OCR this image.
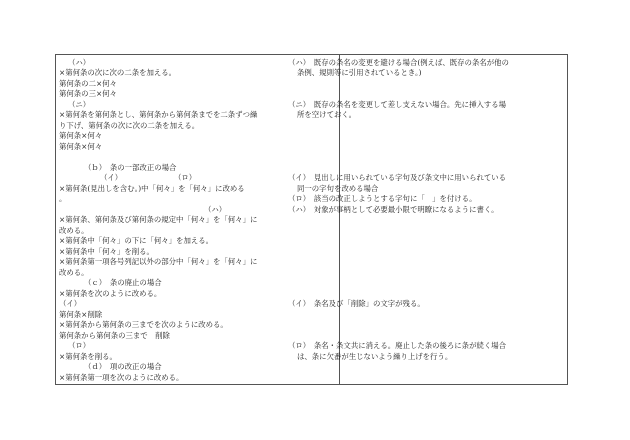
（ハ）
×第何条の次に次の二条を加える。
第何条の二×何々
第何条の三×何々
（ニ）
×第何条を第何条とし、第何条から第何条までを二条ずつ繰
り下げ、第何条の次に次の二条を加える。
第何条×何々
第何条×何々
（ｂ）　条の一部改正の場合
（イ）	（ロ）
×第何条(見出しを含む。)中「何々」を「何々」に改める
。
（ハ）
×第何条、第何条及び第何条の規定中「何々」を「何々」に
改める。
×第何条中「何々」の下に「何々」を加える。
×第何条中「何々」を削る。
×第何条第一項各号列記以外の部分中「何々」を「何々」に
改める。
（ｃ）　条の廃止の場合
×第何条を次のように改める。
（イ）
第何条×削除
×第何条から第何条の三までを次のように改める。
第何条から第何条の三まで　削除
（ロ）
×第何条を削る。
（ｄ）　項の改正の場合
×第何条第一項を次のように改める。
（ハ）　既存の条名の変更を避ける場合(例えば、既存の条名が他の
条例、規則等に引用されているとき。)
（ニ）　既存の条名を変更して差し支えない場合。先に挿入する場
所を空けておく。
（イ）　見出しに用いられている字句及び条文中に用いられている
同一の字句を改める場合
（ロ）　該当の改正しようとする字句に「　」を付ける。
（ハ）　対象が事柄として必要最小限で明瞭になるように書く。
（イ）　条名及び「削除」の文字が残る。
（ロ）　条名・条文共に消える。廃止した条の後ろに条が続く場合
は、条に欠番が生じないよう繰り上げを行う。
